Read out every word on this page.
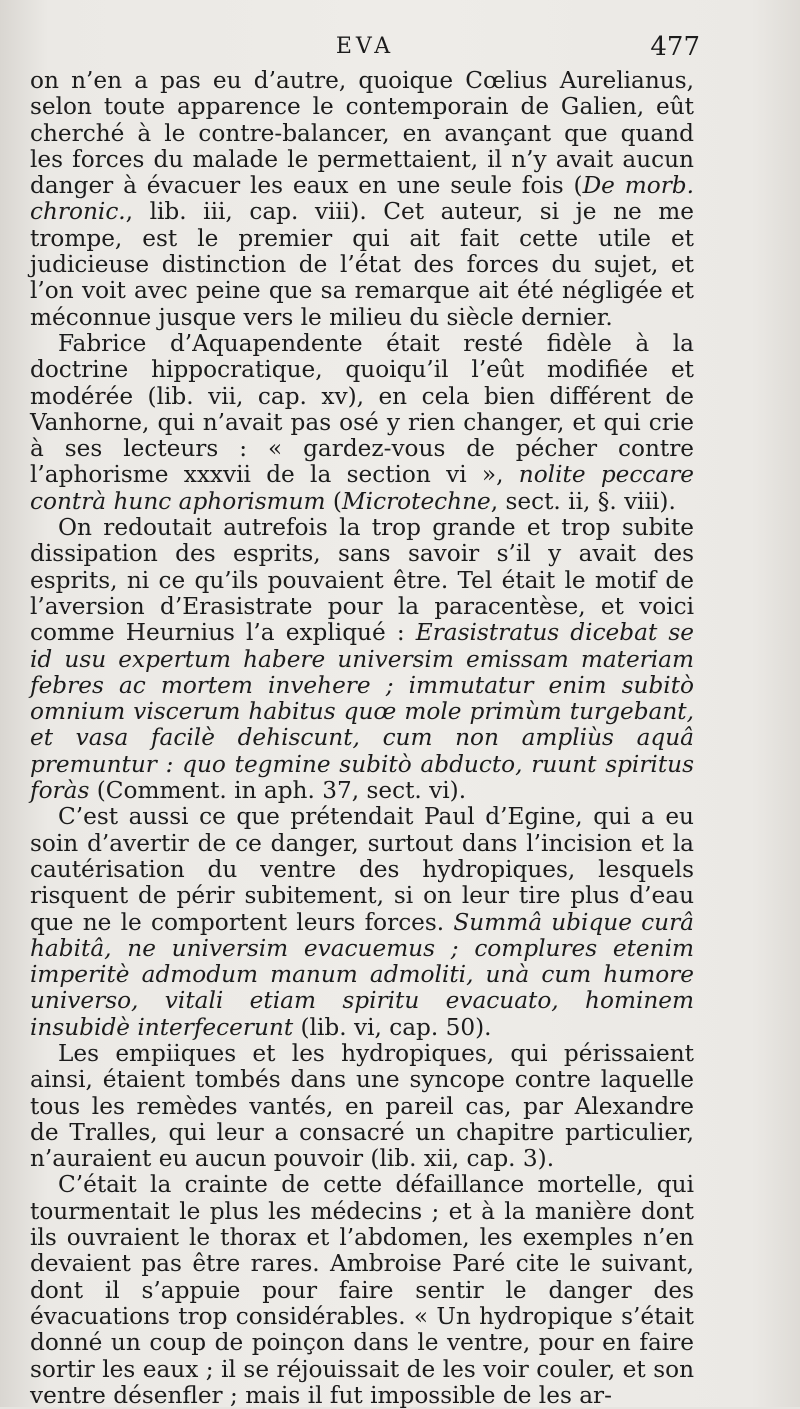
EVA	477

on n’en a pas eu d’autre, quoique Cœlius Aurelianus, selon toute apparence le contemporain de Galien, eût cherché à le contre-balancer, en avançant que quand les forces du malade le permettaient, il n’y avait aucun danger à évacuer les eaux en une seule fois (De morb. chronic., lib. iii, cap. viii). Cet auteur, si je ne me trompe, est le premier qui ait fait cette utile et judicieuse distinction de l’état des forces du sujet, et l’on voit avec peine que sa remarque ait été négligée et méconnue jusque vers le milieu du siècle dernier.

Fabrice d’Aquapendente était resté fidèle à la doctrine hippocratique, quoiqu’il l’eût modifiée et modérée (lib. vii, cap. xv), en cela bien différent de Vanhorne, qui n’avait pas osé y rien changer, et qui crie à ses lecteurs : « gardez-vous de pécher contre l’aphorisme xxxvii de la section vi », nolite peccare contrà hunc aphorismum (Microtechne, sect. ii, §. viii).

On redoutait autrefois la trop grande et trop subite dissipation des esprits, sans savoir s’il y avait des esprits, ni ce qu’ils pouvaient être. Tel était le motif de l’aversion d’Erasistrate pour la paracentèse, et voici comme Heurnius l’a expliqué : Erasistratus dicebat se id usu expertum habere universim emissam materiam febres ac mortem invehere ; immutatur enim subitò omnium viscerum habitus quœ mole primùm turgebant, et vasa facilè dehiscunt, cum non ampliùs aquâ premuntur : quo tegmine subitò abducto, ruunt spiritus foràs (Comment. in aph. 37, sect. vi).

C’est aussi ce que prétendait Paul d’Egine, qui a eu soin d’avertir de ce danger, surtout dans l’incision et la cautérisation du ventre des hydropiques, lesquels risquent de périr subitement, si on leur tire plus d’eau que ne le comportent leurs forces. Summâ ubique curâ habitâ, ne universim evacuemus ; complures etenim imperitè admodum manum admoliti, unà cum humore universo, vitali etiam spiritu evacuato, hominem insubidè interfecerunt (lib. vi, cap. 50).

Les empiiques et les hydropiques, qui périssaient ainsi, étaient tombés dans une syncope contre laquelle tous les remèdes vantés, en pareil cas, par Alexandre de Tralles, qui leur a consacré un chapitre particulier, n’auraient eu aucun pouvoir (lib. xii, cap. 3).

C’était la crainte de cette défaillance mortelle, qui tourmentait le plus les médecins ; et à la manière dont ils ouvraient le thorax et l’abdomen, les exemples n’en devaient pas être rares. Ambroise Paré cite le suivant, dont il s’appuie pour faire sentir le danger des évacuations trop considérables. « Un hydropique s’était donné un coup de poinçon dans le ventre, pour en faire sortir les eaux ; il se réjouissait de les voir couler, et son ventre désenfler ; mais il fut impossible de les ar-
